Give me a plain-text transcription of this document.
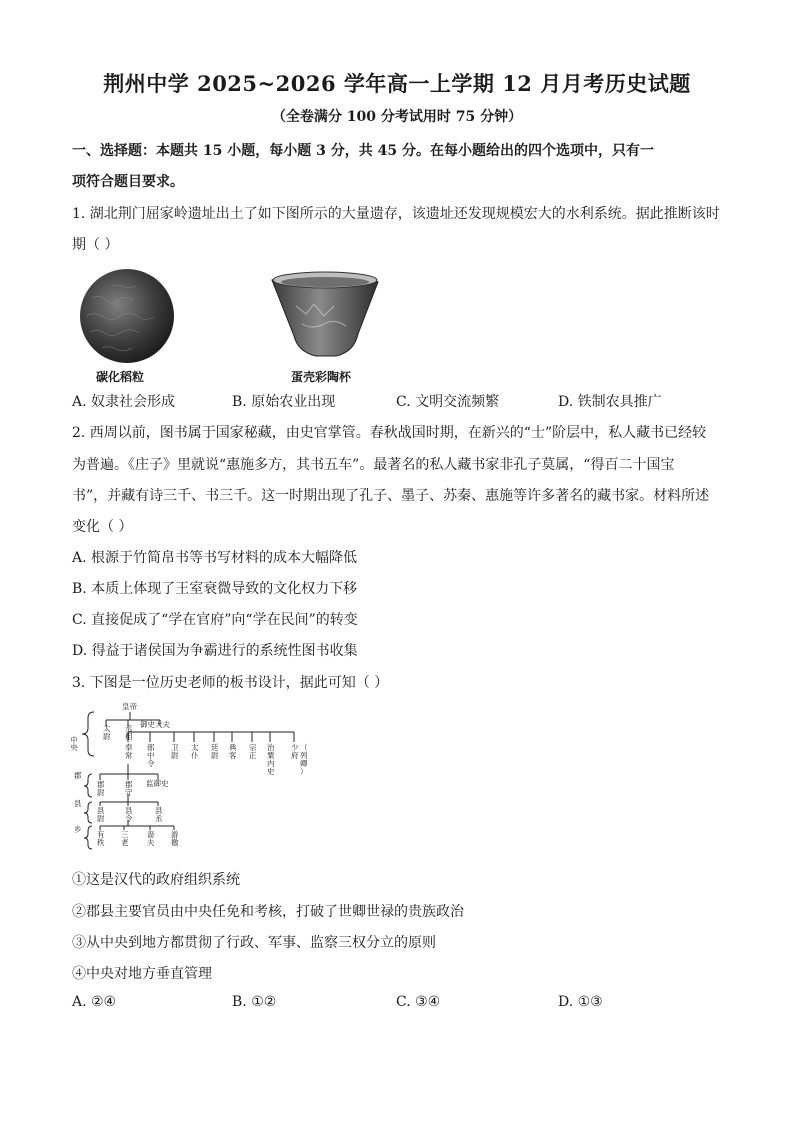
荆州中学 2025~2026 学年高一上学期 12 月月考历史试题
（全卷满分 100 分考试用时 75 分钟）
一、选择题：本题共 15 小题，每小题 3 分，共 45 分。在每小题给出的四个选项中，只有一
项符合题目要求。
1. 湖北荆门屈家岭遗址出土了如下图所示的大量遗存，该遗址还发现规模宏大的水利系统。据此推断该时
期（ ）
碳化稻粒	蛋壳彩陶杯
A. 奴隶社会形成	B. 原始农业出现	C. 文明交流频繁	D. 铁制农具推广
2. 西周以前，图书属于国家秘藏，由史官掌管。春秋战国时期，在新兴的“士”阶层中，私人藏书已经较
为普遍。《庄子》里就说“惠施多方，其书五车”。最著名的私人藏书家非孔子莫属，“得百二十国宝
书”，并藏有诗三千、书三千。这一时期出现了孔子、墨子、苏秦、惠施等许多著名的藏书家。材料所述
变化（ ）
A. 根源于竹简帛书等书写材料的成本大幅降低
B. 本质上体现了王室衰微导致的文化权力下移
C. 直接促成了“学在官府”向“学在民间”的转变
D. 得益于诸侯国为争霸进行的系统性图书收集
3. 下图是一位历史老师的板书设计，据此可知（ ）
皇帝
中央
郡
县
乡
太尉
丞相
御史大夫
奉常
郎中令
卫尉
太仆
廷尉
典客
宗正
治粟内史
少府
（列卿）
郡尉
郡守
监御史
县尉
县令
县丞
有秩
三老
啬夫
游徼
①这是汉代的政府组织系统
②郡县主要官员由中央任免和考核，打破了世卿世禄的贵族政治
③从中央到地方都贯彻了行政、军事、监察三权分立的原则
④中央对地方垂直管理
A. ②④	B. ①②	C. ③④	D. ①③
